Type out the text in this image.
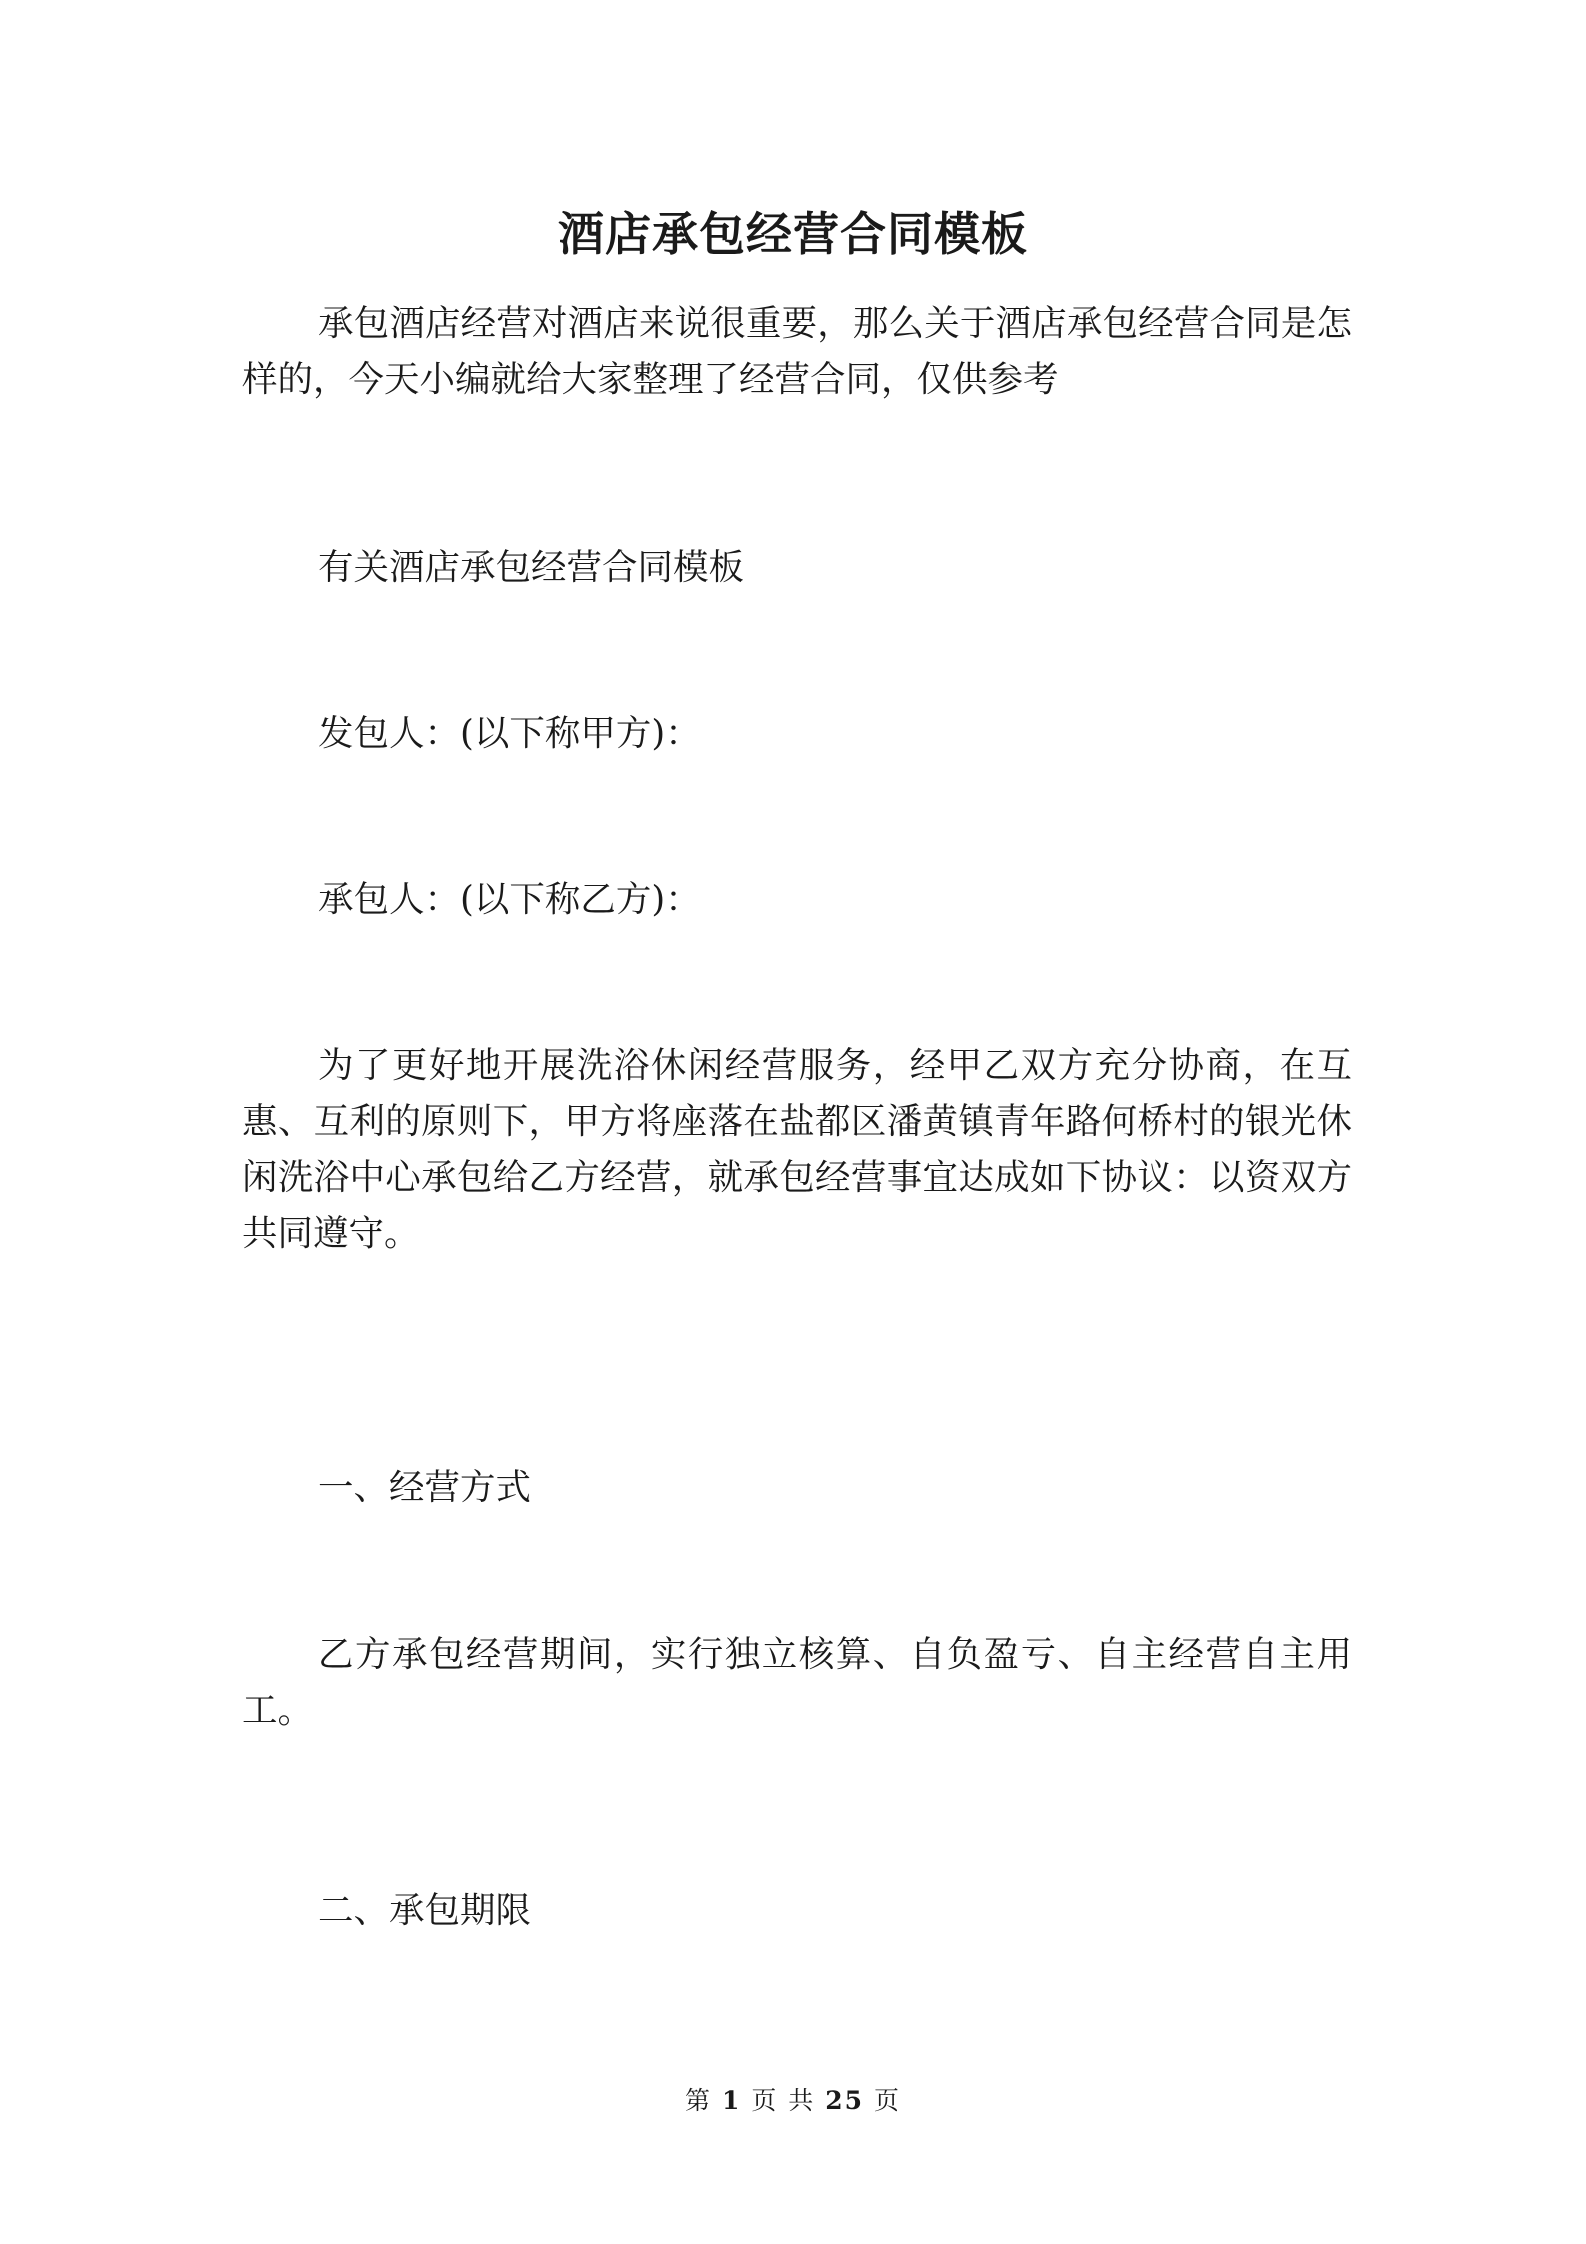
酒店承包经营合同模板

承包酒店经营对酒店来说很重要，那么关于酒店承包经营合同是怎样的，今天小编就给大家整理了经营合同，仅供参考

有关酒店承包经营合同模板

发包人：(以下称甲方)：

承包人：(以下称乙方)：

为了更好地开展洗浴休闲经营服务，经甲乙双方充分协商，在互惠、互利的原则下，甲方将座落在盐都区潘黄镇青年路何桥村的银光休闲洗浴中心承包给乙方经营，就承包经营事宜达成如下协议：以资双方共同遵守。

一、经营方式

乙方承包经营期间，实行独立核算、自负盈亏、自主经营自主用工。

二、承包期限

第 1 页 共 25 页
